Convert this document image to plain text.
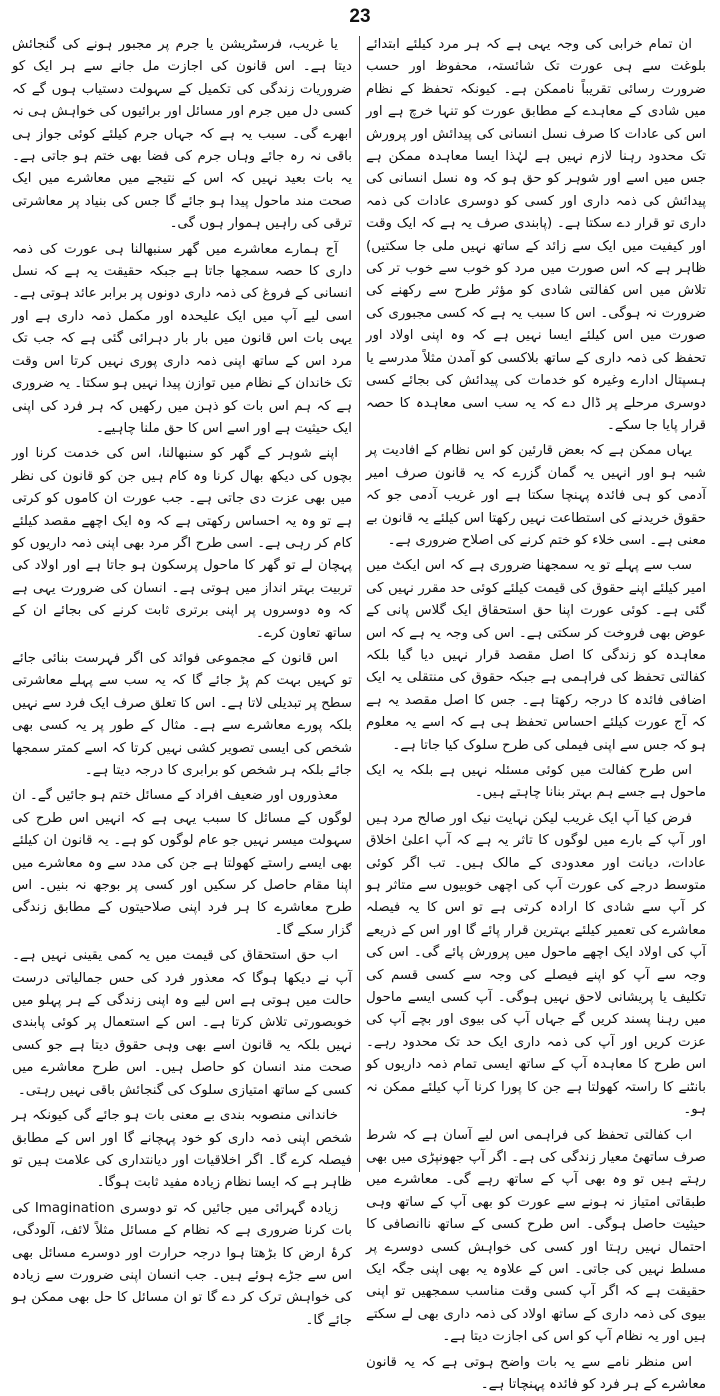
23

ان تمام خرابی کی وجہ یہی ہے کہ ہر مرد کیلئے ابتدائے بلوغت سے ہی عورت تک شائستہ، محفوظ اور حسب ضرورت رسائی تقریباً ناممکن ہے۔ کیونکہ تحفظ کے نظام میں شادی کے معاہدے کے مطابق عورت کو تنہا خرچ ہے اور اس کی عادات کا صرف نسل انسانی کی پیدائش اور پرورش تک محدود رہنا لازم نہیں ہے لہٰذا ایسا معاہدہ ممکن ہے جس میں اسے اور شوہر کو حق ہو کہ وہ نسل انسانی کی پیدائش کی ذمہ داری اور کسی کو دوسری عادات کی ذمہ داری تو قرار دے سکتا ہے۔ (پابندی صرف یہ ہے کہ ایک وقت اور کیفیت میں ایک سے زائد کے ساتھ نہیں ملی جا سکتیں) ظاہر ہے کہ اس صورت میں مرد کو خوب سے خوب تر کی تلاش میں اس کفالتی شادی کو مؤثر طرح سے رکھنے کی ضرورت نہ ہوگی۔ اس کا سبب یہ ہے کہ کسی مجبوری کی صورت میں اس کیلئے ایسا نہیں ہے کہ وہ اپنی اولاد اور تحفظ کی ذمہ داری کے ساتھ بلاکسی کو آمدن مثلاً مدرسے یا ہسپتال ادارے وغیرہ کو خدمات کی پیدائش کی بجائے کسی دوسری مرحلے پر ڈال دے کہ یہ سب اسی معاہدہ کا حصہ قرار پایا جا سکے۔

یہاں ممکن ہے کہ بعض قارئین کو اس نظام کے افادیت پر شبہ ہو اور انہیں یہ گمان گزرے کہ یہ قانون صرف امیر آدمی کو ہی فائدہ پہنچا سکتا ہے اور غریب آدمی جو کہ حقوق خریدنے کی استطاعت نہیں رکھتا اس کیلئے یہ قانون بے معنی ہے۔ اسی خلاء کو ختم کرنے کی اصلاح ضروری ہے۔

سب سے پہلے تو یہ سمجھنا ضروری ہے کہ اس ایکٹ میں امیر کیلئے اپنے حقوق کی قیمت کیلئے کوئی حد مقرر نہیں کی گئی ہے۔ کوئی عورت اپنا حق استحقاق ایک گلاس پانی کے عوض بھی فروخت کر سکتی ہے۔ اس کی وجہ یہ ہے کہ اس معاہدہ کو زندگی کا اصل مقصد قرار نہیں دیا گیا بلکہ کفالتی تحفظ کی فراہمی ہے جبکہ حقوق کی منتقلی یہ ایک اضافی فائدہ کا درجہ رکھتا ہے۔ جس کا اصل مقصد یہ ہے کہ آج عورت کیلئے احساس تحفظ ہی ہے کہ اسے یہ معلوم ہو کہ جس سے اپنی فیملی کی طرح سلوک کیا جاتا ہے۔

اس طرح کفالت میں کوئی مسئلہ نہیں ہے بلکہ یہ ایک ماحول ہے جسے ہم بہتر بنانا چاہتے ہیں۔

فرض کیا آپ ایک غریب لیکن نہایت نیک اور صالح مرد ہیں اور آپ کے بارے میں لوگوں کا تاثر یہ ہے کہ آپ اعلیٰ اخلاق عادات، دیانت اور معدودی کے مالک ہیں۔ تب اگر کوئی متوسط درجے کی عورت آپ کی اچھی خوبیوں سے متاثر ہو کر آپ سے شادی کا ارادہ کرتی ہے تو اس کا یہ فیصلہ معاشرے کی تعمیر کیلئے بہترین قرار پائے گا اور اس کے ذریعے آپ کی اولاد ایک اچھے ماحول میں پرورش پائے گی۔ اس کی وجہ سے آپ کو اپنے فیصلے کی وجہ سے کسی قسم کی تکلیف یا پریشانی لاحق نہیں ہوگی۔ آپ کسی ایسے ماحول میں رہنا پسند کریں گے جہاں آپ کی بیوی اور بچے آپ کی عزت کریں اور آپ کی ذمہ داری ایک حد تک محدود رہے۔ اس طرح کا معاہدہ آپ کے ساتھ ایسی تمام ذمہ داریوں کو بانٹنے کا راستہ کھولتا ہے جن کا پورا کرنا آپ کیلئے ممکن نہ ہو۔

اب کفالتی تحفظ کی فراہمی اس لیے آسان ہے کہ شرط صرف ساتھیٔ معیار زندگی کی ہے۔ اگر آپ جھونپڑی میں بھی رہتے ہیں تو وہ بھی آپ کے ساتھ رہے گی۔ معاشرے میں طبقاتی امتیاز نہ ہونے سے عورت کو بھی آپ کے ساتھ وہی حیثیت حاصل ہوگی۔ اس طرح کسی کے ساتھ ناانصافی کا احتمال نہیں رہتا اور کسی کی خواہش کسی دوسرے پر مسلط نہیں کی جاتی۔ اس کے علاوہ یہ بھی اپنی جگہ ایک حقیقت ہے کہ اگر آپ کسی وقت مناسب سمجھیں تو اپنی بیوی کی ذمہ داری کے ساتھ اولاد کی ذمہ داری بھی لے سکتے ہیں اور یہ نظام آپ کو اس کی اجازت دیتا ہے۔

اس منظر نامے سے یہ بات واضح ہوتی ہے کہ یہ قانون معاشرے کے ہر فرد کو فائدہ پہنچاتا ہے۔

یا غریب، فرسٹریشن یا جرم پر مجبور ہونے کی گنجائش دیتا ہے۔ اس قانون کی اجازت مل جانے سے ہر ایک کو ضروریات زندگی کی تکمیل کے سہولت دستیاب ہوں گے کہ کسی دل میں جرم اور مسائل اور برائیوں کی خواہش ہی نہ ابھرے گی۔ سبب یہ ہے کہ جہاں جرم کیلئے کوئی جواز ہی باقی نہ رہ جائے وہاں جرم کی فضا بھی ختم ہو جاتی ہے۔ یہ بات بعید نہیں کہ اس کے نتیجے میں معاشرے میں ایک صحت مند ماحول پیدا ہو جائے گا جس کی بنیاد پر معاشرتی ترقی کی راہیں ہموار ہوں گی۔

آج ہمارے معاشرے میں گھر سنبھالنا ہی عورت کی ذمہ داری کا حصہ سمجھا جاتا ہے جبکہ حقیقت یہ ہے کہ نسل انسانی کے فروغ کی ذمہ داری دونوں پر برابر عائد ہوتی ہے۔ اسی لیے آپ میں ایک علیحدہ اور مکمل ذمہ داری ہے اور یہی بات اس قانون میں بار بار دہرائی گئی ہے کہ جب تک مرد اس کے ساتھ اپنی ذمہ داری پوری نہیں کرتا اس وقت تک خاندان کے نظام میں توازن پیدا نہیں ہو سکتا۔ یہ ضروری ہے کہ ہم اس بات کو ذہن میں رکھیں کہ ہر فرد کی اپنی ایک حیثیت ہے اور اسے اس کا حق ملنا چاہیے۔

اپنے شوہر کے گھر کو سنبھالنا، اس کی خدمت کرنا اور بچوں کی دیکھ بھال کرنا وہ کام ہیں جن کو قانون کی نظر میں بھی عزت دی جاتی ہے۔ جب عورت ان کاموں کو کرتی ہے تو وہ یہ احساس رکھتی ہے کہ وہ ایک اچھے مقصد کیلئے کام کر رہی ہے۔ اسی طرح اگر مرد بھی اپنی ذمہ داریوں کو پہچان لے تو گھر کا ماحول پرسکون ہو جاتا ہے اور اولاد کی تربیت بہتر انداز میں ہوتی ہے۔ انسان کی ضرورت یہی ہے کہ وہ دوسروں پر اپنی برتری ثابت کرنے کی بجائے ان کے ساتھ تعاون کرے۔

اس قانون کے مجموعی فوائد کی اگر فہرست بنائی جائے تو کہیں بہت کم پڑ جائے گا کہ یہ سب سے پہلے معاشرتی سطح پر تبدیلی لاتا ہے۔ اس کا تعلق صرف ایک فرد سے نہیں بلکہ پورے معاشرے سے ہے۔ مثال کے طور پر یہ کسی بھی شخص کی ایسی تصویر کشی نہیں کرتا کہ اسے کمتر سمجھا جائے بلکہ ہر شخص کو برابری کا درجہ دیتا ہے۔

معذوروں اور ضعیف افراد کے مسائل ختم ہو جائیں گے۔ ان لوگوں کے مسائل کا سبب یہی ہے کہ انہیں اس طرح کی سہولت میسر نہیں جو عام لوگوں کو ہے۔ یہ قانون ان کیلئے بھی ایسے راستے کھولتا ہے جن کی مدد سے وہ معاشرے میں اپنا مقام حاصل کر سکیں اور کسی پر بوجھ نہ بنیں۔ اس طرح معاشرے کا ہر فرد اپنی صلاحیتوں کے مطابق زندگی گزار سکے گا۔

اب حق استحقاق کی قیمت میں یہ کمی یقینی نہیں ہے۔ آپ نے دیکھا ہوگا کہ معذور فرد کی حس جمالیاتی درست حالت میں ہوتی ہے اس لیے وہ اپنی زندگی کے ہر پہلو میں خوبصورتی تلاش کرتا ہے۔ اس کے استعمال پر کوئی پابندی نہیں بلکہ یہ قانون اسے بھی وہی حقوق دیتا ہے جو کسی صحت مند انسان کو حاصل ہیں۔ اس طرح معاشرے میں کسی کے ساتھ امتیازی سلوک کی گنجائش باقی نہیں رہتی۔

خاندانی منصوبہ بندی بے معنی بات ہو جائے گی کیونکہ ہر شخص اپنی ذمہ داری کو خود پہچانے گا اور اس کے مطابق فیصلہ کرے گا۔ اگر اخلاقیات اور دیانتداری کی علامت ہیں تو ظاہر ہے کہ ایسا نظام زیادہ مفید ثابت ہوگا۔

زیادہ گہرائی میں جائیں کہ تو دوسری Imagination کی بات کرنا ضروری ہے کہ نظام کے مسائل مثلاً لائف، آلودگی، کرۂ ارض کا بڑھتا ہوا درجہ حرارت اور دوسرے مسائل بھی اس سے جڑے ہوئے ہیں۔ جب انسان اپنی ضرورت سے زیادہ کی خواہش ترک کر دے گا تو ان مسائل کا حل بھی ممکن ہو جائے گا۔
